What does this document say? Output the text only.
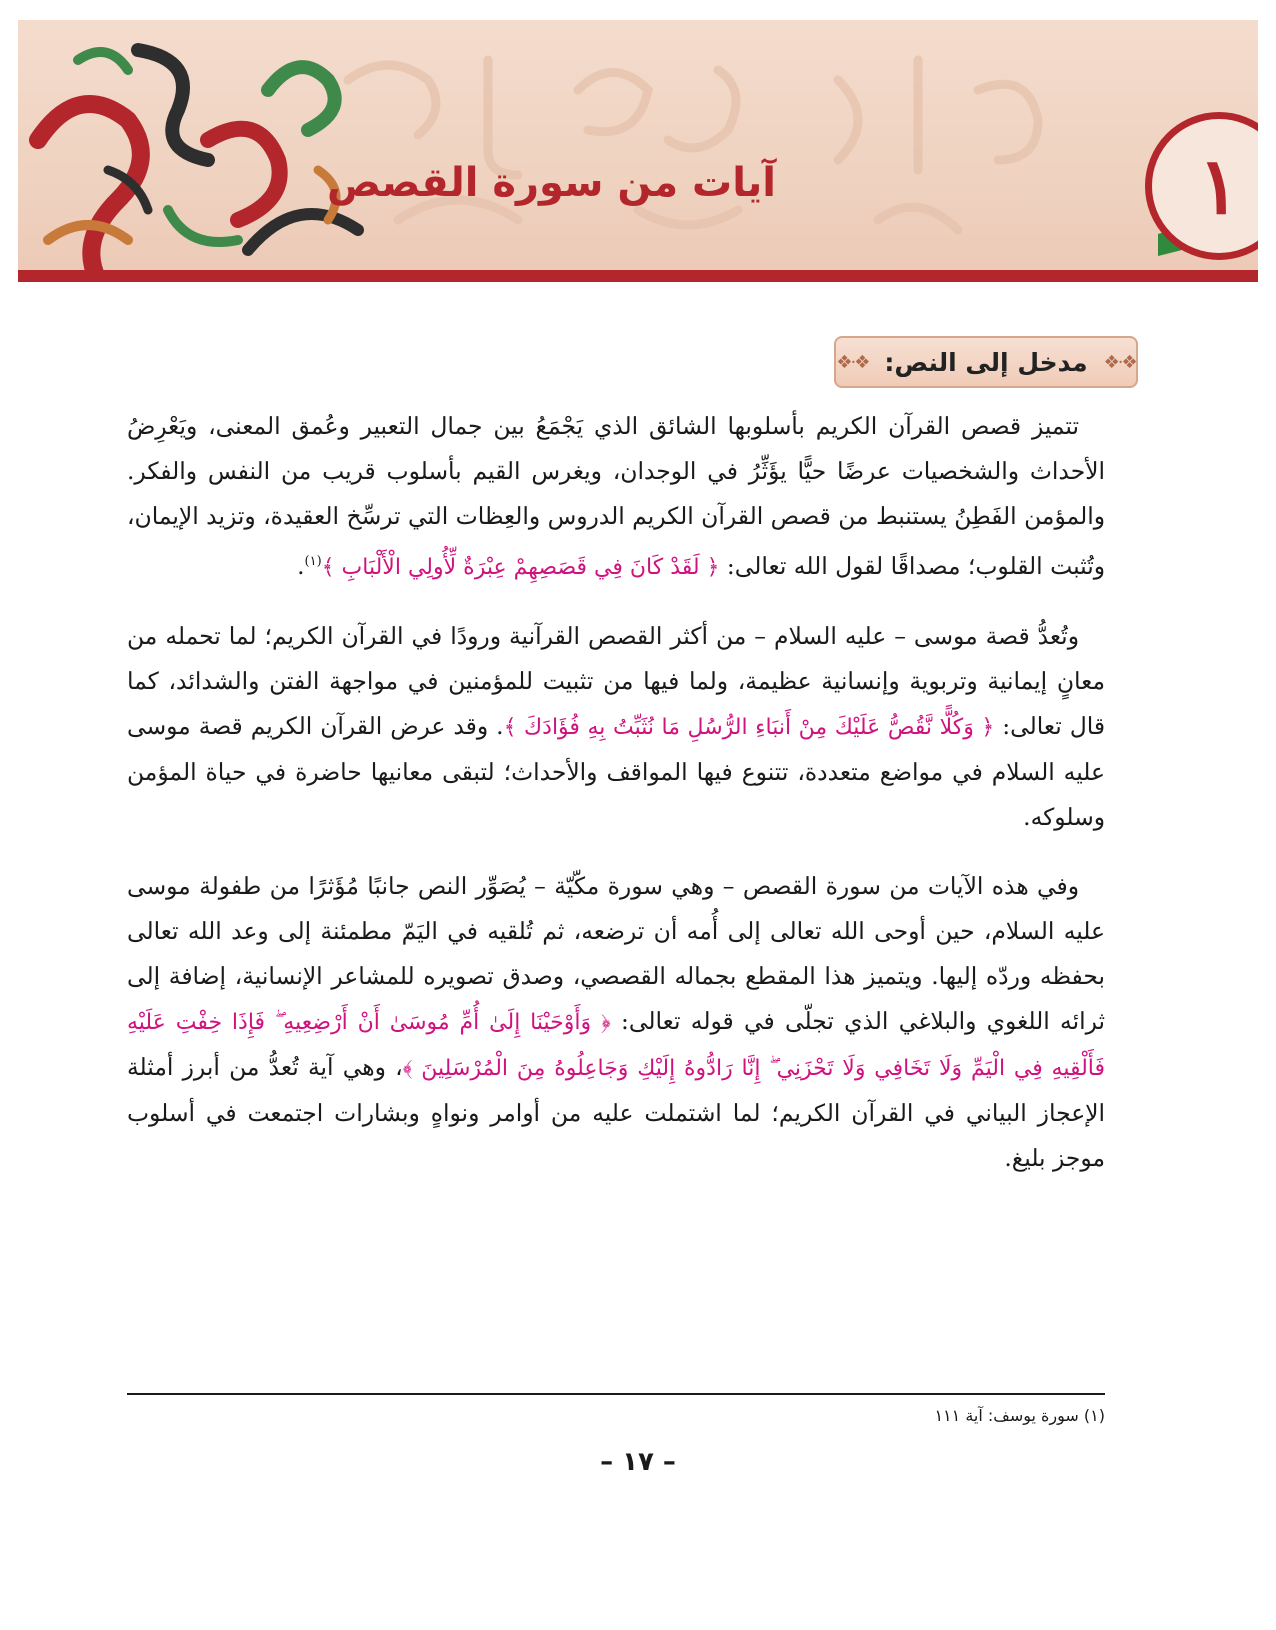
١
آيات من سورة القصص
❖·❖
مدخل إلى النص:
❖·❖

تتميز قصص القرآن الكريم بأسلوبها الشائق الذي يَجْمَعُ بين جمال التعبير وعُمق المعنى، ويَعْرِضُ الأحداث والشخصيات عرضًا حيًّا يؤَثِّرُ في الوجدان، ويغرس القيم بأسلوب قريب من النفس والفكر. والمؤمن الفَطِنُ يستنبط من قصص القرآن الكريم الدروس والعِظات التي ترسِّخ العقيدة، وتزيد الإيمان، وتُثبت القلوب؛ مصداقًا لقول الله تعالى: ﴿ لَقَدْ كَانَ فِي قَصَصِهِمْ عِبْرَةٌ لِّأُولِي الْأَلْبَابِ ﴾$^{(١)}$.

وتُعدُّ قصة موسى – عليه السلام – من أكثر القصص القرآنية ورودًا في القرآن الكريم؛ لما تحمله من معانٍ إيمانية وتربوية وإنسانية عظيمة، ولما فيها من تثبيت للمؤمنين في مواجهة الفتن والشدائد، كما قال تعالى: ﴿ وَكُلًّا نَّقُصُّ عَلَيْكَ مِنْ أَنبَاءِ الرُّسُلِ مَا نُثَبِّتُ بِهِ فُؤَادَكَ ﴾. وقد عرض القرآن الكريم قصة موسى عليه السلام في مواضع متعددة، تتنوع فيها المواقف والأحداث؛ لتبقى معانيها حاضرة في حياة المؤمن وسلوكه.

وفي هذه الآيات من سورة القصص – وهي سورة مكّيّة – يُصَوِّر النص جانبًا مُؤَثرًا من طفولة موسى عليه السلام، حين أوحى الله تعالى إلى أُمه أن ترضعه، ثم تُلقيه في اليَمّ مطمئنة إلى وعد الله تعالى بحفظه وردّه إليها. ويتميز هذا المقطع بجماله القصصي، وصدق تصويره للمشاعر الإنسانية، إضافة إلى ثرائه اللغوي والبلاغي الذي تجلّى في قوله تعالى: ﴿ وَأَوْحَيْنَا إِلَىٰ أُمِّ مُوسَىٰ أَنْ أَرْضِعِيهِ ۖ فَإِذَا خِفْتِ عَلَيْهِ فَأَلْقِيهِ فِي الْيَمِّ وَلَا تَخَافِي وَلَا تَحْزَنِي ۖ إِنَّا رَادُّوهُ إِلَيْكِ وَجَاعِلُوهُ مِنَ الْمُرْسَلِينَ ﴾، وهي آية تُعدُّ من أبرز أمثلة الإعجاز البياني في القرآن الكريم؛ لما اشتملت عليه من أوامر ونواهٍ وبشارات اجتمعت في أسلوب موجز بليغ.

(١) سورة يوسف: آية ١١١
– ١٧ –
